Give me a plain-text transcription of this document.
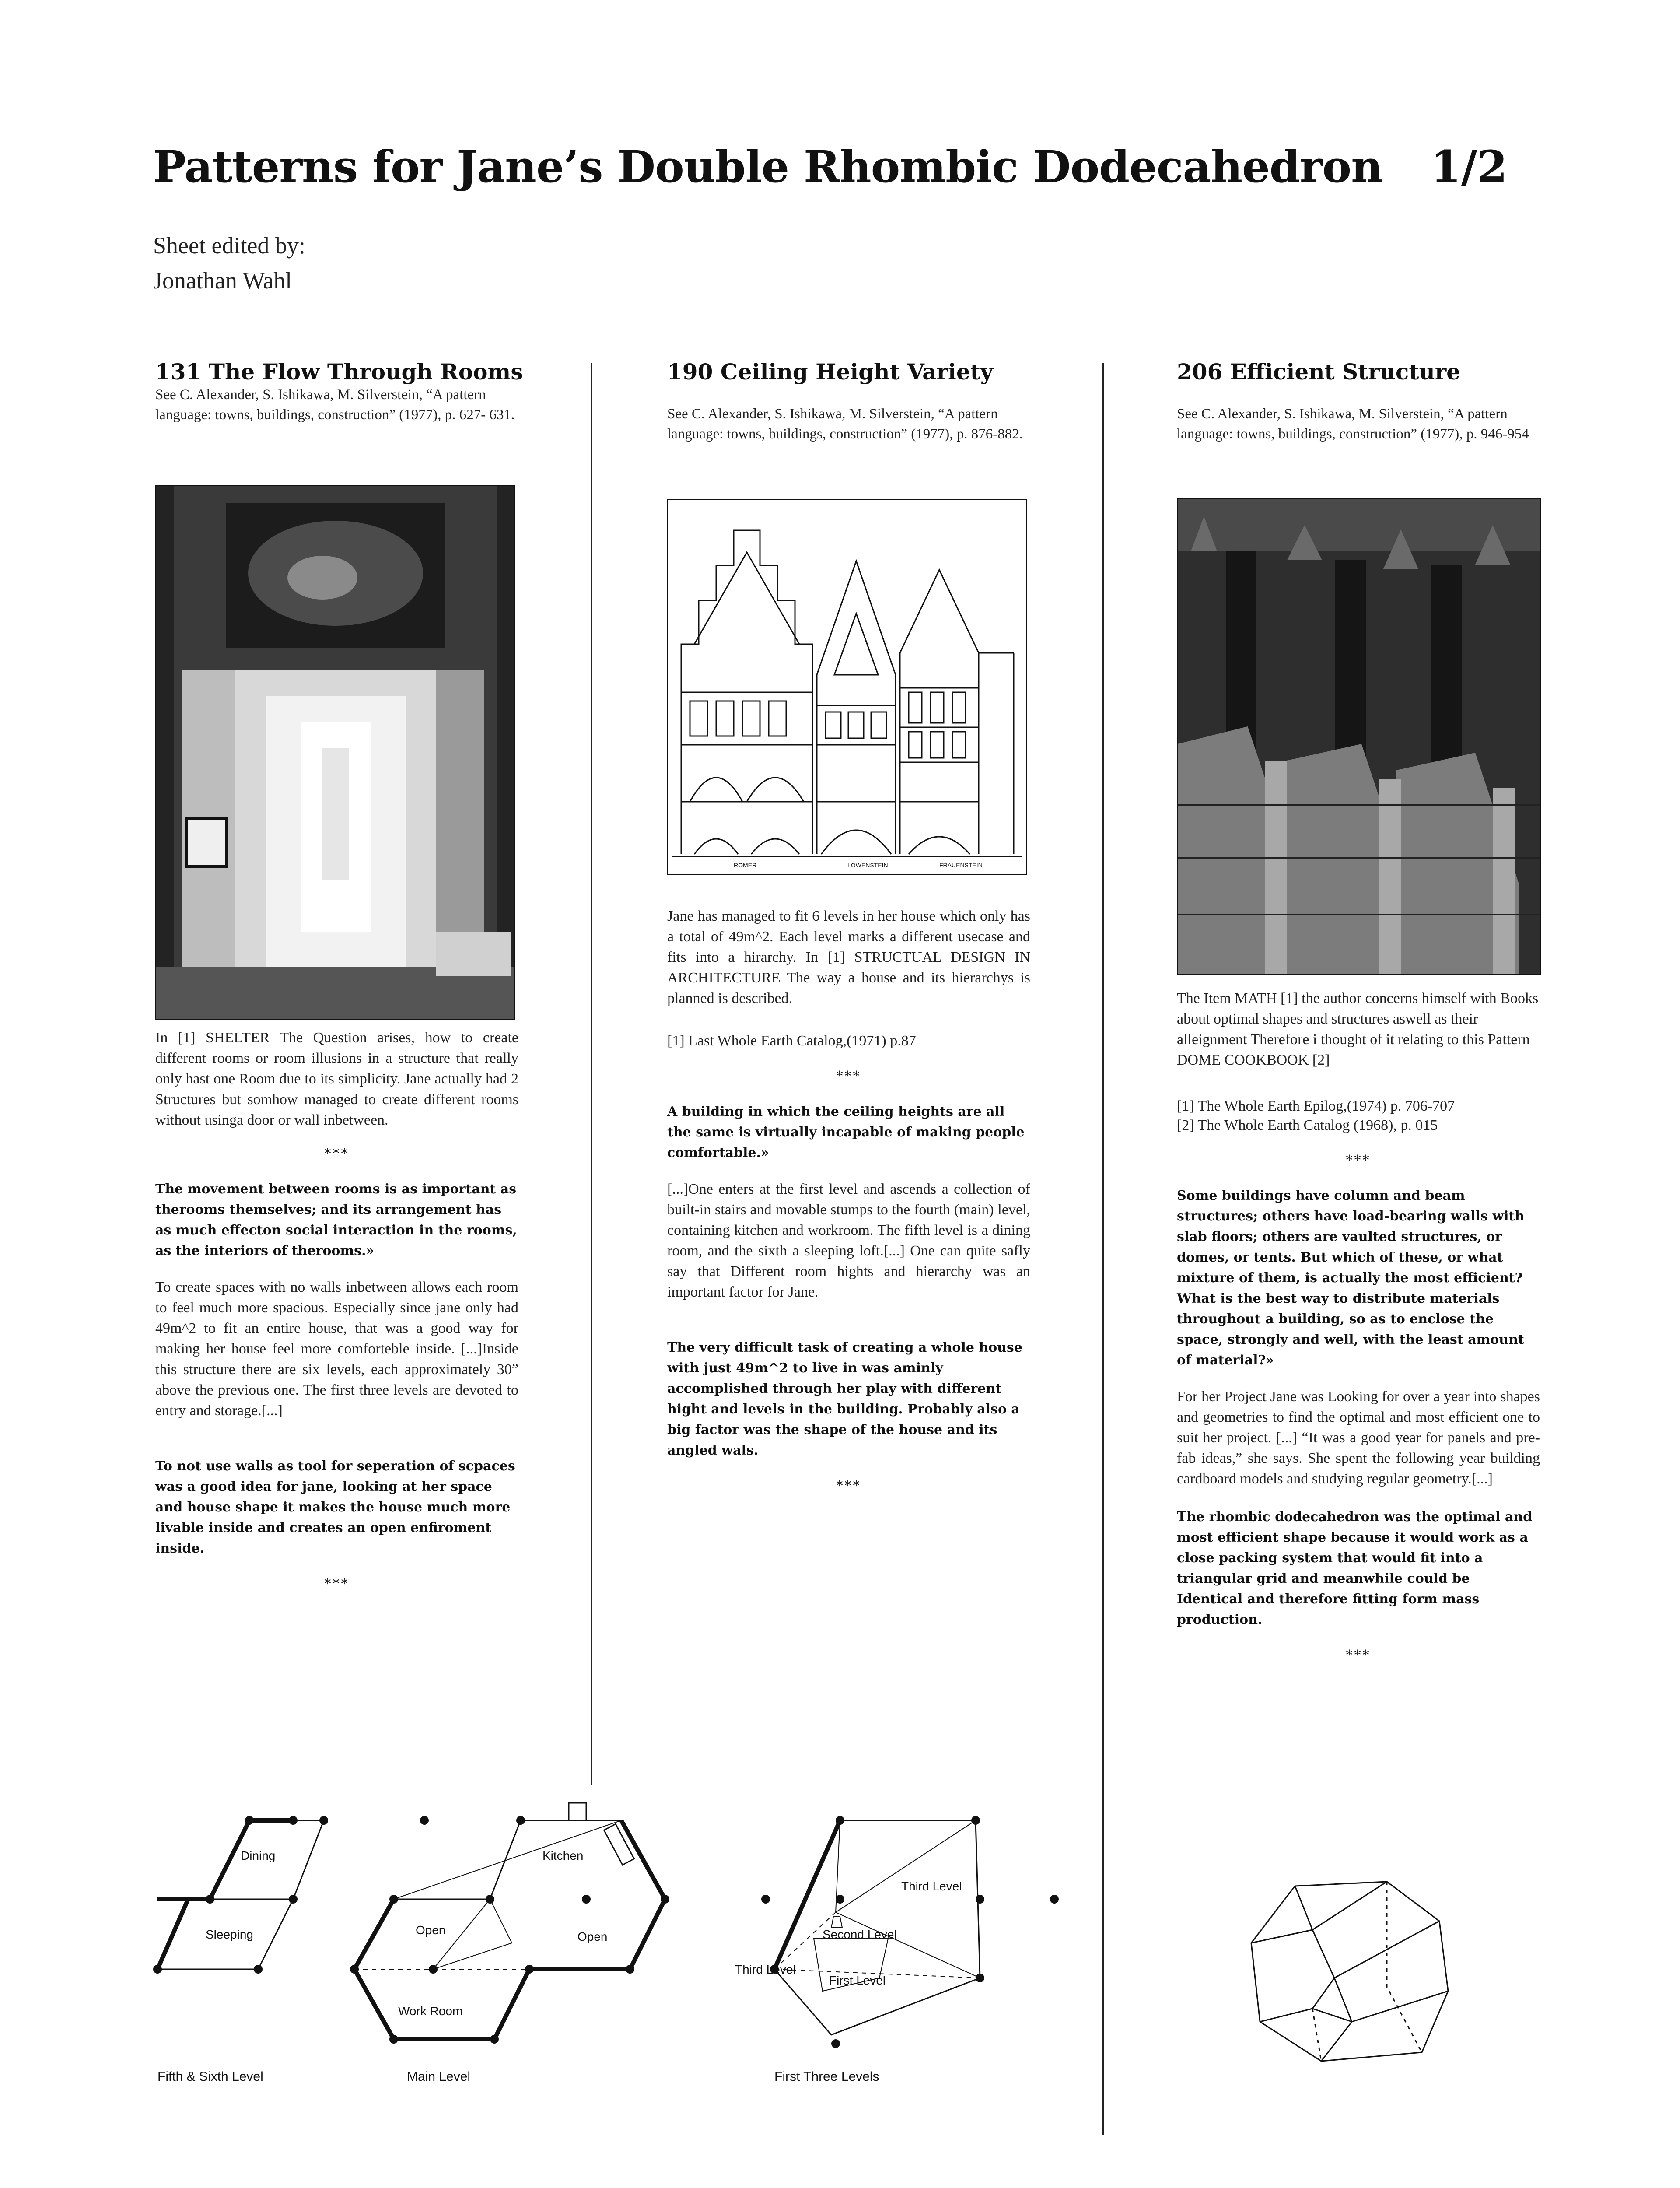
Patterns for Jane’s Double Rhombic Dodecahedron 1/2
Sheet edited by:
Jonathan Wahl
131 The Flow Through Rooms
See C. Alexander, S. Ishikawa, M. Silverstein, “A pattern language: towns, buildings, construction” (1977), p. 627- 631.

In [1] SHELTER The Question arises, how to create different rooms or room illusions in a structure that really only hast one Room due to its simplicity. Jane actually had 2 Structures but somhow managed to create different rooms without usinga door or wall inbetween.

***

The movement between rooms is as important as therooms themselves; and its arrangement has as much effecton social interaction in the rooms, as the interiors of therooms.»

To create spaces with no walls inbetween allows each room to feel much more spacious. Especially since jane only had 49m^2 to fit an entire house, that was a good way for making her house feel more comforteble inside. [...]Inside this structure there are six levels, each approximately 30” above the previous one. The first three levels are devoted to entry and storage.[...]

To not use walls as tool for seperation of scpaces was a good idea for jane, looking at her space and house shape it makes the house much more livable inside and creates an open enfiroment inside.

***
190 Ceiling Height Variety
See C. Alexander, S. Ishikawa, M. Silverstein, “A pattern language: towns, buildings, construction” (1977), p. 876-882.
ROMER	LOWENSTEIN	FRAUENSTEIN

Jane has managed to fit 6 levels in her house which only has a total of 49m^2. Each level marks a different usecase and fits into a hirarchy. In [1] STRUCTUAL DESIGN IN ARCHITECTURE The way a house and its hierarchys is planned is described.

[1] Last Whole Earth Catalog,(1971) p.87

***

A building in which the ceiling heights are all the same is virtually incapable of making people comfortable.»

[...]One enters at the first level and ascends a collection of built-in stairs and movable stumps to the fourth (main) level, containing kitchen and workroom. The fifth level is a dining room, and the sixth a sleeping loft.[...] One can quite safly say that Different room hights and hierarchy was an important factor for Jane.

The very difficult task of creating a whole house with just 49m^2 to live in was aminly accomplished through her play with different hight and levels in the building. Probably also a big factor was the shape of the house and its angled wals.

***
206 Efficient Structure
See C. Alexander, S. Ishikawa, M. Silverstein, “A pattern language: towns, buildings, construction” (1977), p. 946-954

The Item MATH [1] the author concerns himself with Books about optimal shapes and structures aswell as their alleignment Therefore i thought of it relating to this Pattern DOME COOKBOOK [2]

[1] The Whole Earth Epilog,(1974) p. 706-707
[2] The Whole Earth Catalog (1968), p. 015
***

Some buildings have column and beam structures; others have load-bearing walls with slab floors; others are vaulted structures, or domes, or tents. But which of these, or what mixture of them, is actually the most efficient? What is the best way to distribute materials throughout a building, so as to enclose the space, strongly and well, with the least amount of material?»

For her Project Jane was Looking for over a year into shapes and geometries to find the optimal and most efficient one to suit her project. [...] “It was a good year for panels and pre-fab ideas,” she says. She spent the following year building cardboard models and studying regular geometry.[...]

The rhombic dodecahedron was the optimal and most efficient shape because it would work as a close packing system that would fit into a triangular grid and meanwhile could be Identical and therefore fitting form mass production.

***
Dining
Sleeping
Kitchen
Open	Open
Work Room
Third Level
Third Level
Second Level
First Level
Fifth & Sixth Level	Main Level	First Three Levels
